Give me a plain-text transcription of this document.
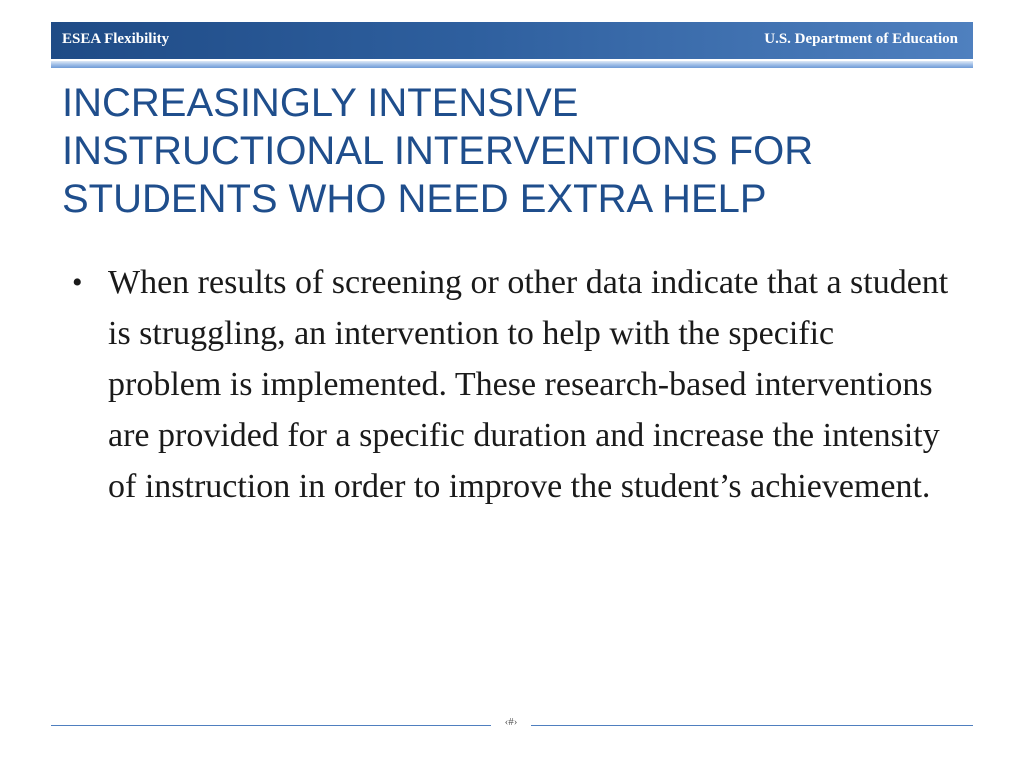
ESEA Flexibility	U.S. Department of Education
INCREASINGLY INTENSIVE
INSTRUCTIONAL INTERVENTIONS FOR
STUDENTS WHO NEED EXTRA HELP
• When results of screening or other data indicate that a student is struggling, an intervention to help with the specific problem is implemented. These research-based interventions are provided for a specific duration and increase the intensity of instruction in order to improve the student’s achievement.
‹#›
